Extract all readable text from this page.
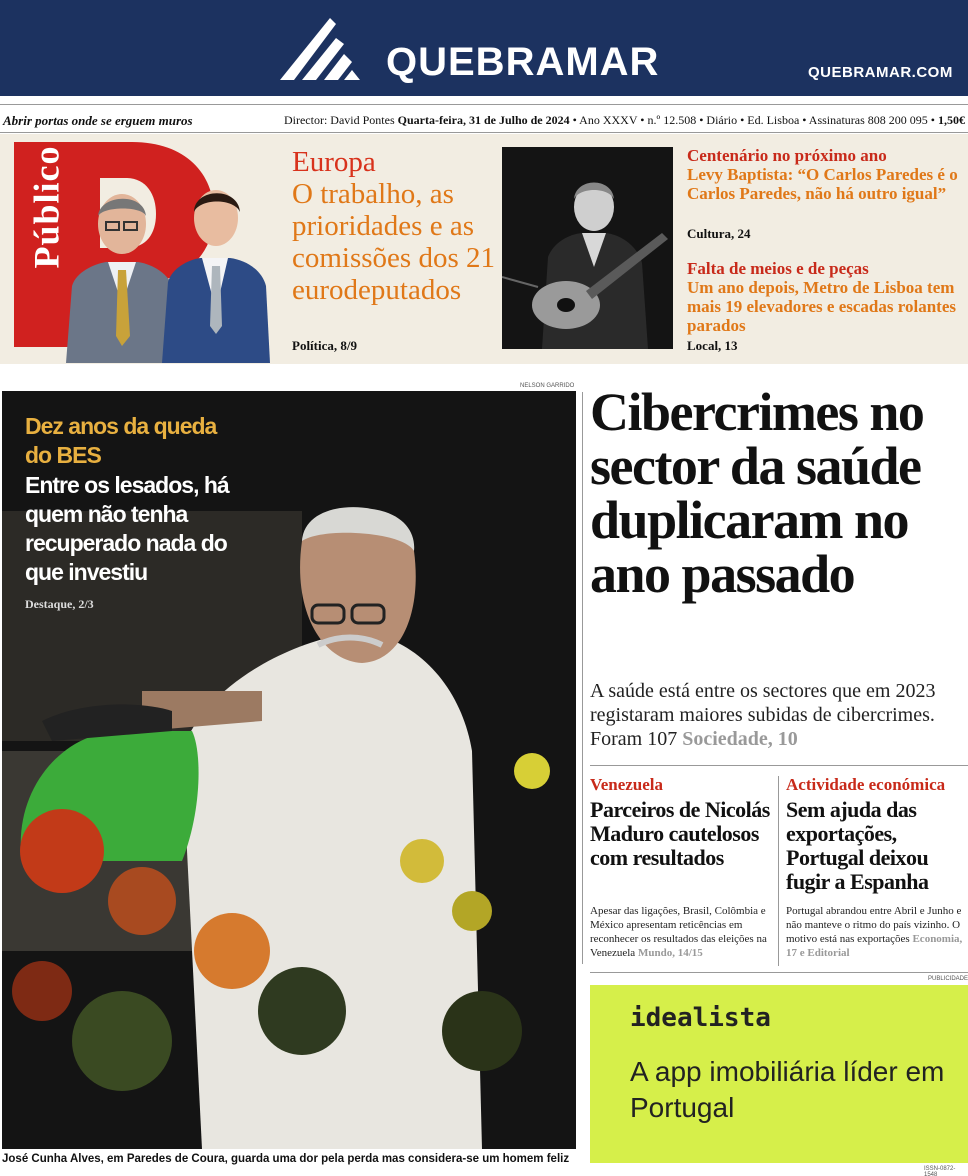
QUEBRAMAR	QUEBRAMAR.COM
Abrir portas onde se erguem muros	Director: David Pontes Quarta-feira, 31 de Julho de 2024 • Ano XXXV • n.º 12.508 • Diário • Ed. Lisboa • Assinaturas 808 200 095 • 1,50€
Público	Europa
O trabalho, as prioridades e as comissões dos 21 eurodeputados
Política, 8/9
Centenário no próximo ano
Levy Baptista: “O Carlos Paredes é o Carlos Paredes, não há outro igual”
Cultura, 24
Falta de meios e de peças
Um ano depois, Metro de Lisboa tem mais 19 elevadores e escadas rolantes parados
Local, 13
NELSON GARRIDO
Dez anos da queda do BES
Entre os lesados, há quem não tenha recuperado nada do que investiu
Destaque, 2/3
José Cunha Alves, em Paredes de Coura, guarda uma dor pela perda mas considera-se um homem feliz
Cibercrimes no sector da saúde duplicaram no ano passado
A saúde está entre os sectores que em 2023 registaram maiores subidas de cibercrimes. Foram 107 Sociedade, 10
Venezuela
Parceiros de Nicolás Maduro cautelosos com resultados
Apesar das ligações, Brasil, Colômbia e México apresentam reticências em reconhecer os resultados das eleições na Venezuela Mundo, 14/15
Actividade económica
Sem ajuda das exportações, Portugal deixou fugir a Espanha
Portugal abrandou entre Abril e Junho e não manteve o ritmo do país vizinho. O motivo está nas exportações Economia, 17 e Editorial
PUBLICIDADE
idealista
A app imobiliária líder em Portugal
ISSN-0872-1548
